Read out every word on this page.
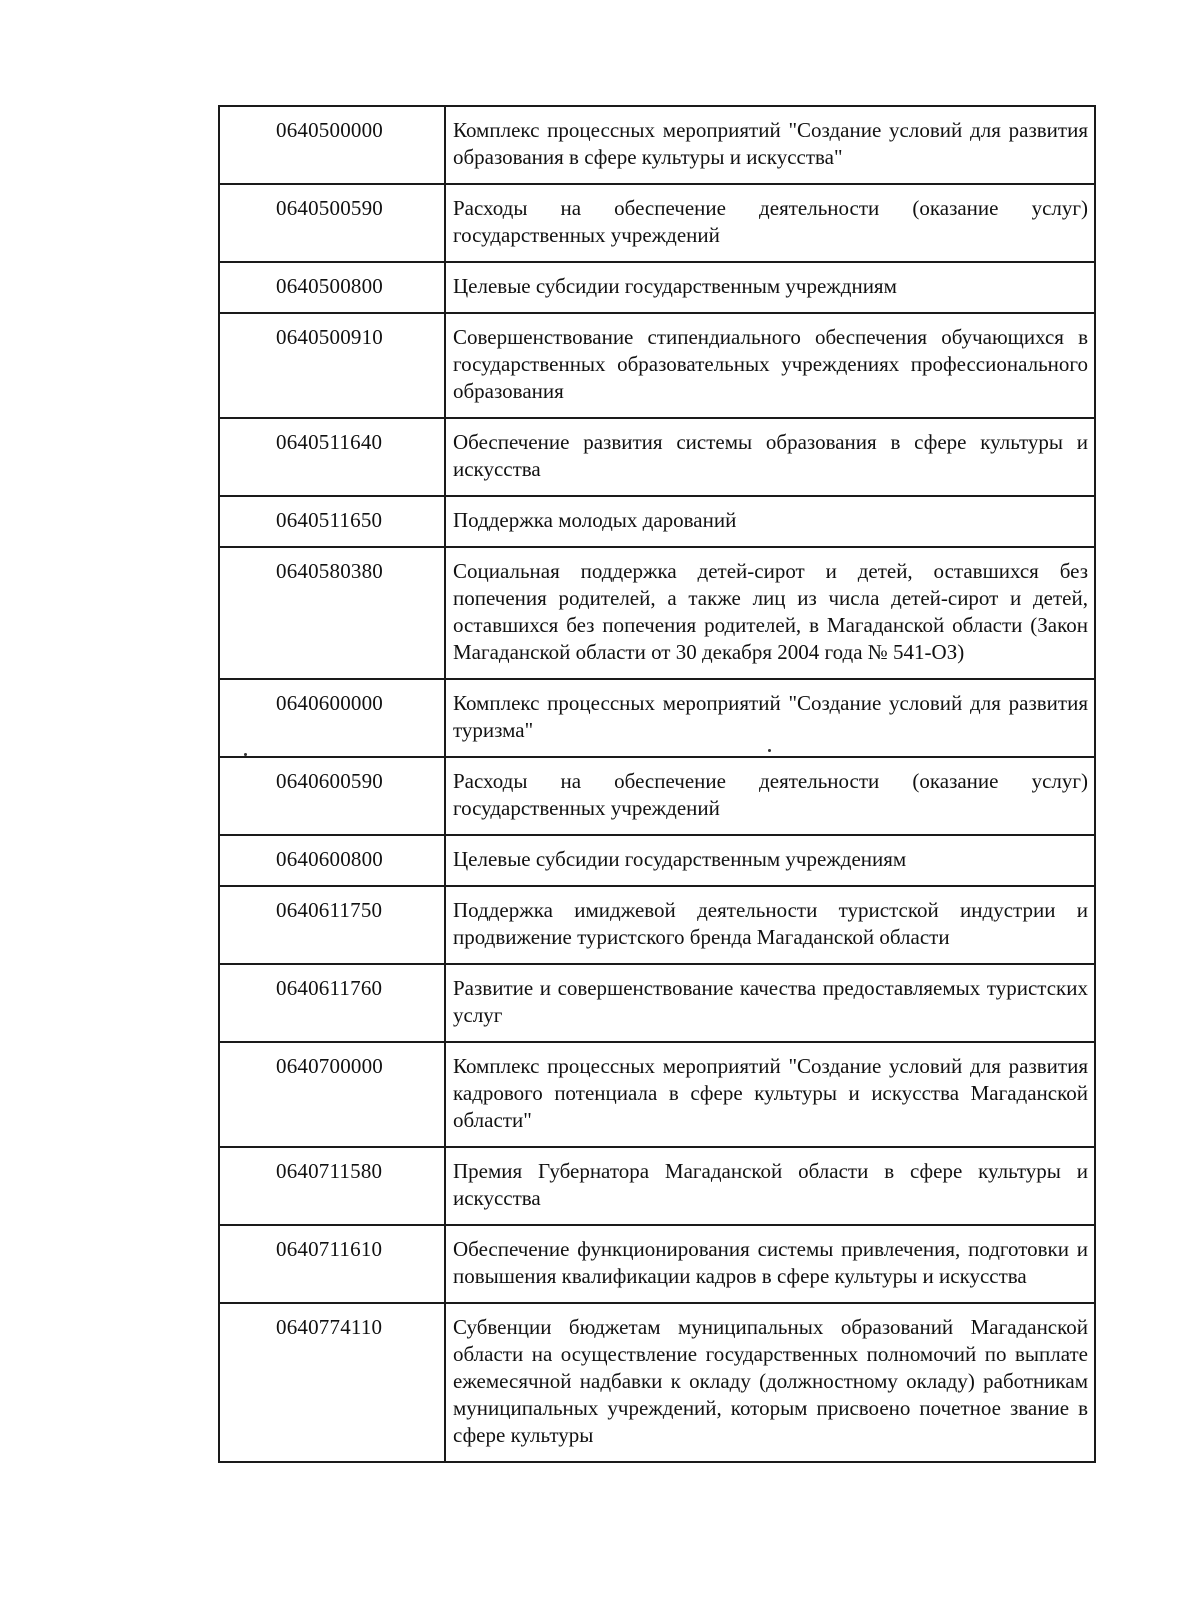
0640500000	Комплекс процессных мероприятий "Создание условий для развития образования в сфере культуры и искусства"
0640500590	Расходы на обеспечение деятельности (оказание услуг) государственных учреждений
0640500800	Целевые субсидии государственным учреждниям
0640500910	Совершенствование стипендиального обеспечения обучающихся в государственных образовательных учреждениях профессионального образования
0640511640	Обеспечение развития системы образования в сфере культуры и искусства
0640511650	Поддержка молодых дарований
0640580380	Социальная поддержка детей-сирот и детей, оставшихся без попечения родителей, а также лиц из числа детей-сирот и детей, оставшихся без попечения родителей, в Магаданской области (Закон Магаданской области от 30 декабря 2004 года № 541-ОЗ)
0640600000	Комплекс процессных мероприятий "Создание условий для развития туризма"
0640600590	Расходы на обеспечение деятельности (оказание услуг) государственных учреждений
0640600800	Целевые субсидии государственным учреждениям
0640611750	Поддержка имиджевой деятельности туристской индустрии и продвижение туристского бренда Магаданской области
0640611760	Развитие и совершенствование качества предоставляемых туристских услуг
0640700000	Комплекс процессных мероприятий "Создание условий для развития кадрового потенциала в сфере культуры и искусства Магаданской области"
0640711580	Премия Губернатора Магаданской области в сфере культуры и искусства
0640711610	Обеспечение функционирования системы привлечения, подготовки и повышения квалификации кадров в сфере культуры и искусства
0640774110	Субвенции бюджетам муниципальных образований Магаданской области на осуществление государственных полномочий по выплате ежемесячной надбавки к окладу (должностному окладу) работникам муниципальных учреждений, которым присвоено почетное звание в сфере культуры
